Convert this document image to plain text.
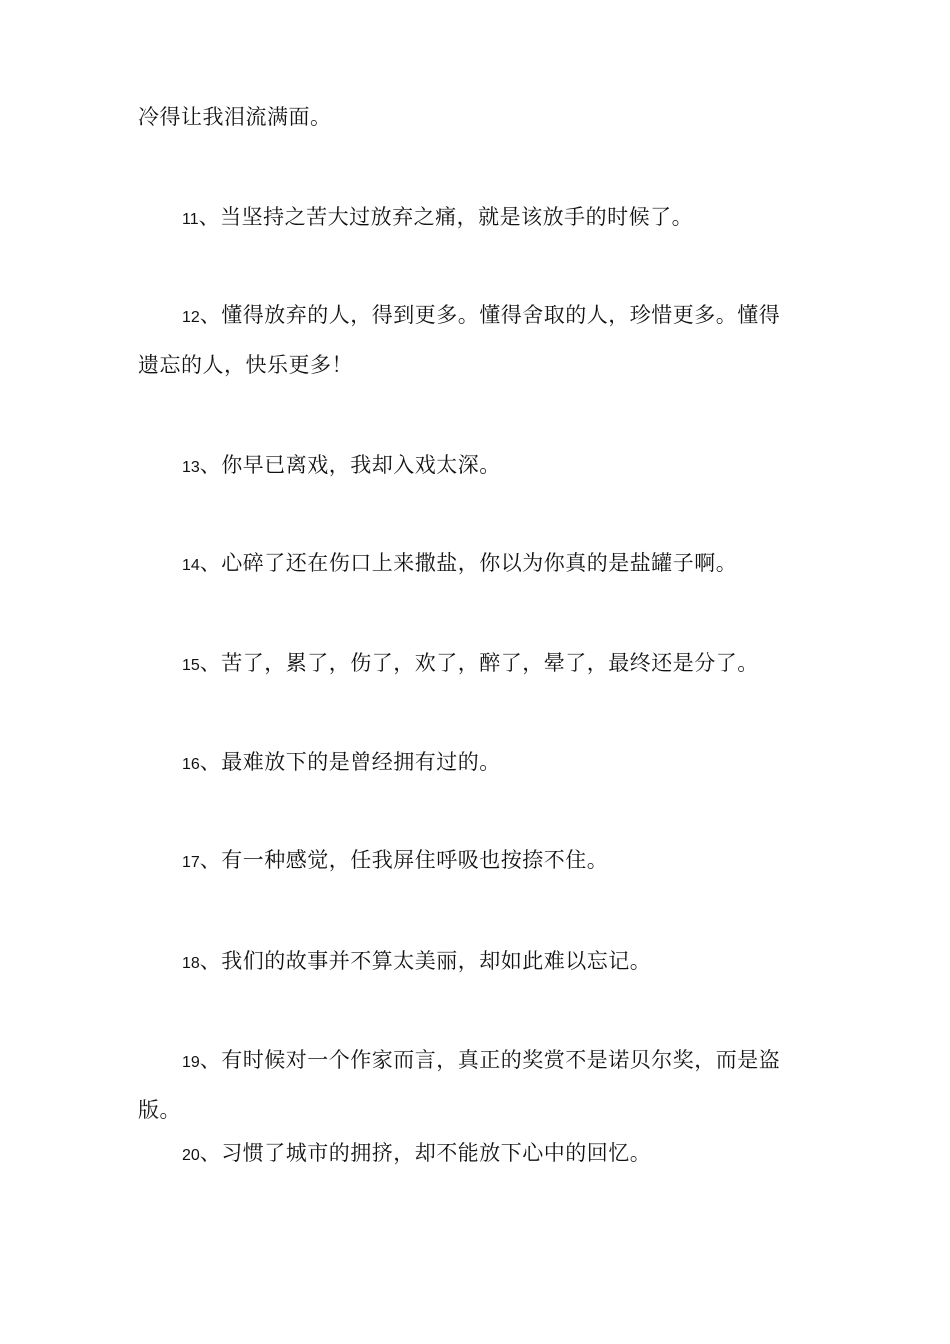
冷得让我泪流满面。
11、当坚持之苦大过放弃之痛，就是该放手的时候了。
12、懂得放弃的人，得到更多。懂得舍取的人，珍惜更多。懂得
遗忘的人，快乐更多！
13、你早已离戏，我却入戏太深。
14、心碎了还在伤口上来撒盐，你以为你真的是盐罐子啊。
15、苦了，累了，伤了，欢了，醉了，晕了，最终还是分了。
16、最难放下的是曾经拥有过的。
17、有一种感觉，任我屏住呼吸也按捺不住。
18、我们的故事并不算太美丽，却如此难以忘记。
19、有时候对一个作家而言，真正的奖赏不是诺贝尔奖，而是盗
版。
20、习惯了城市的拥挤，却不能放下心中的回忆。
